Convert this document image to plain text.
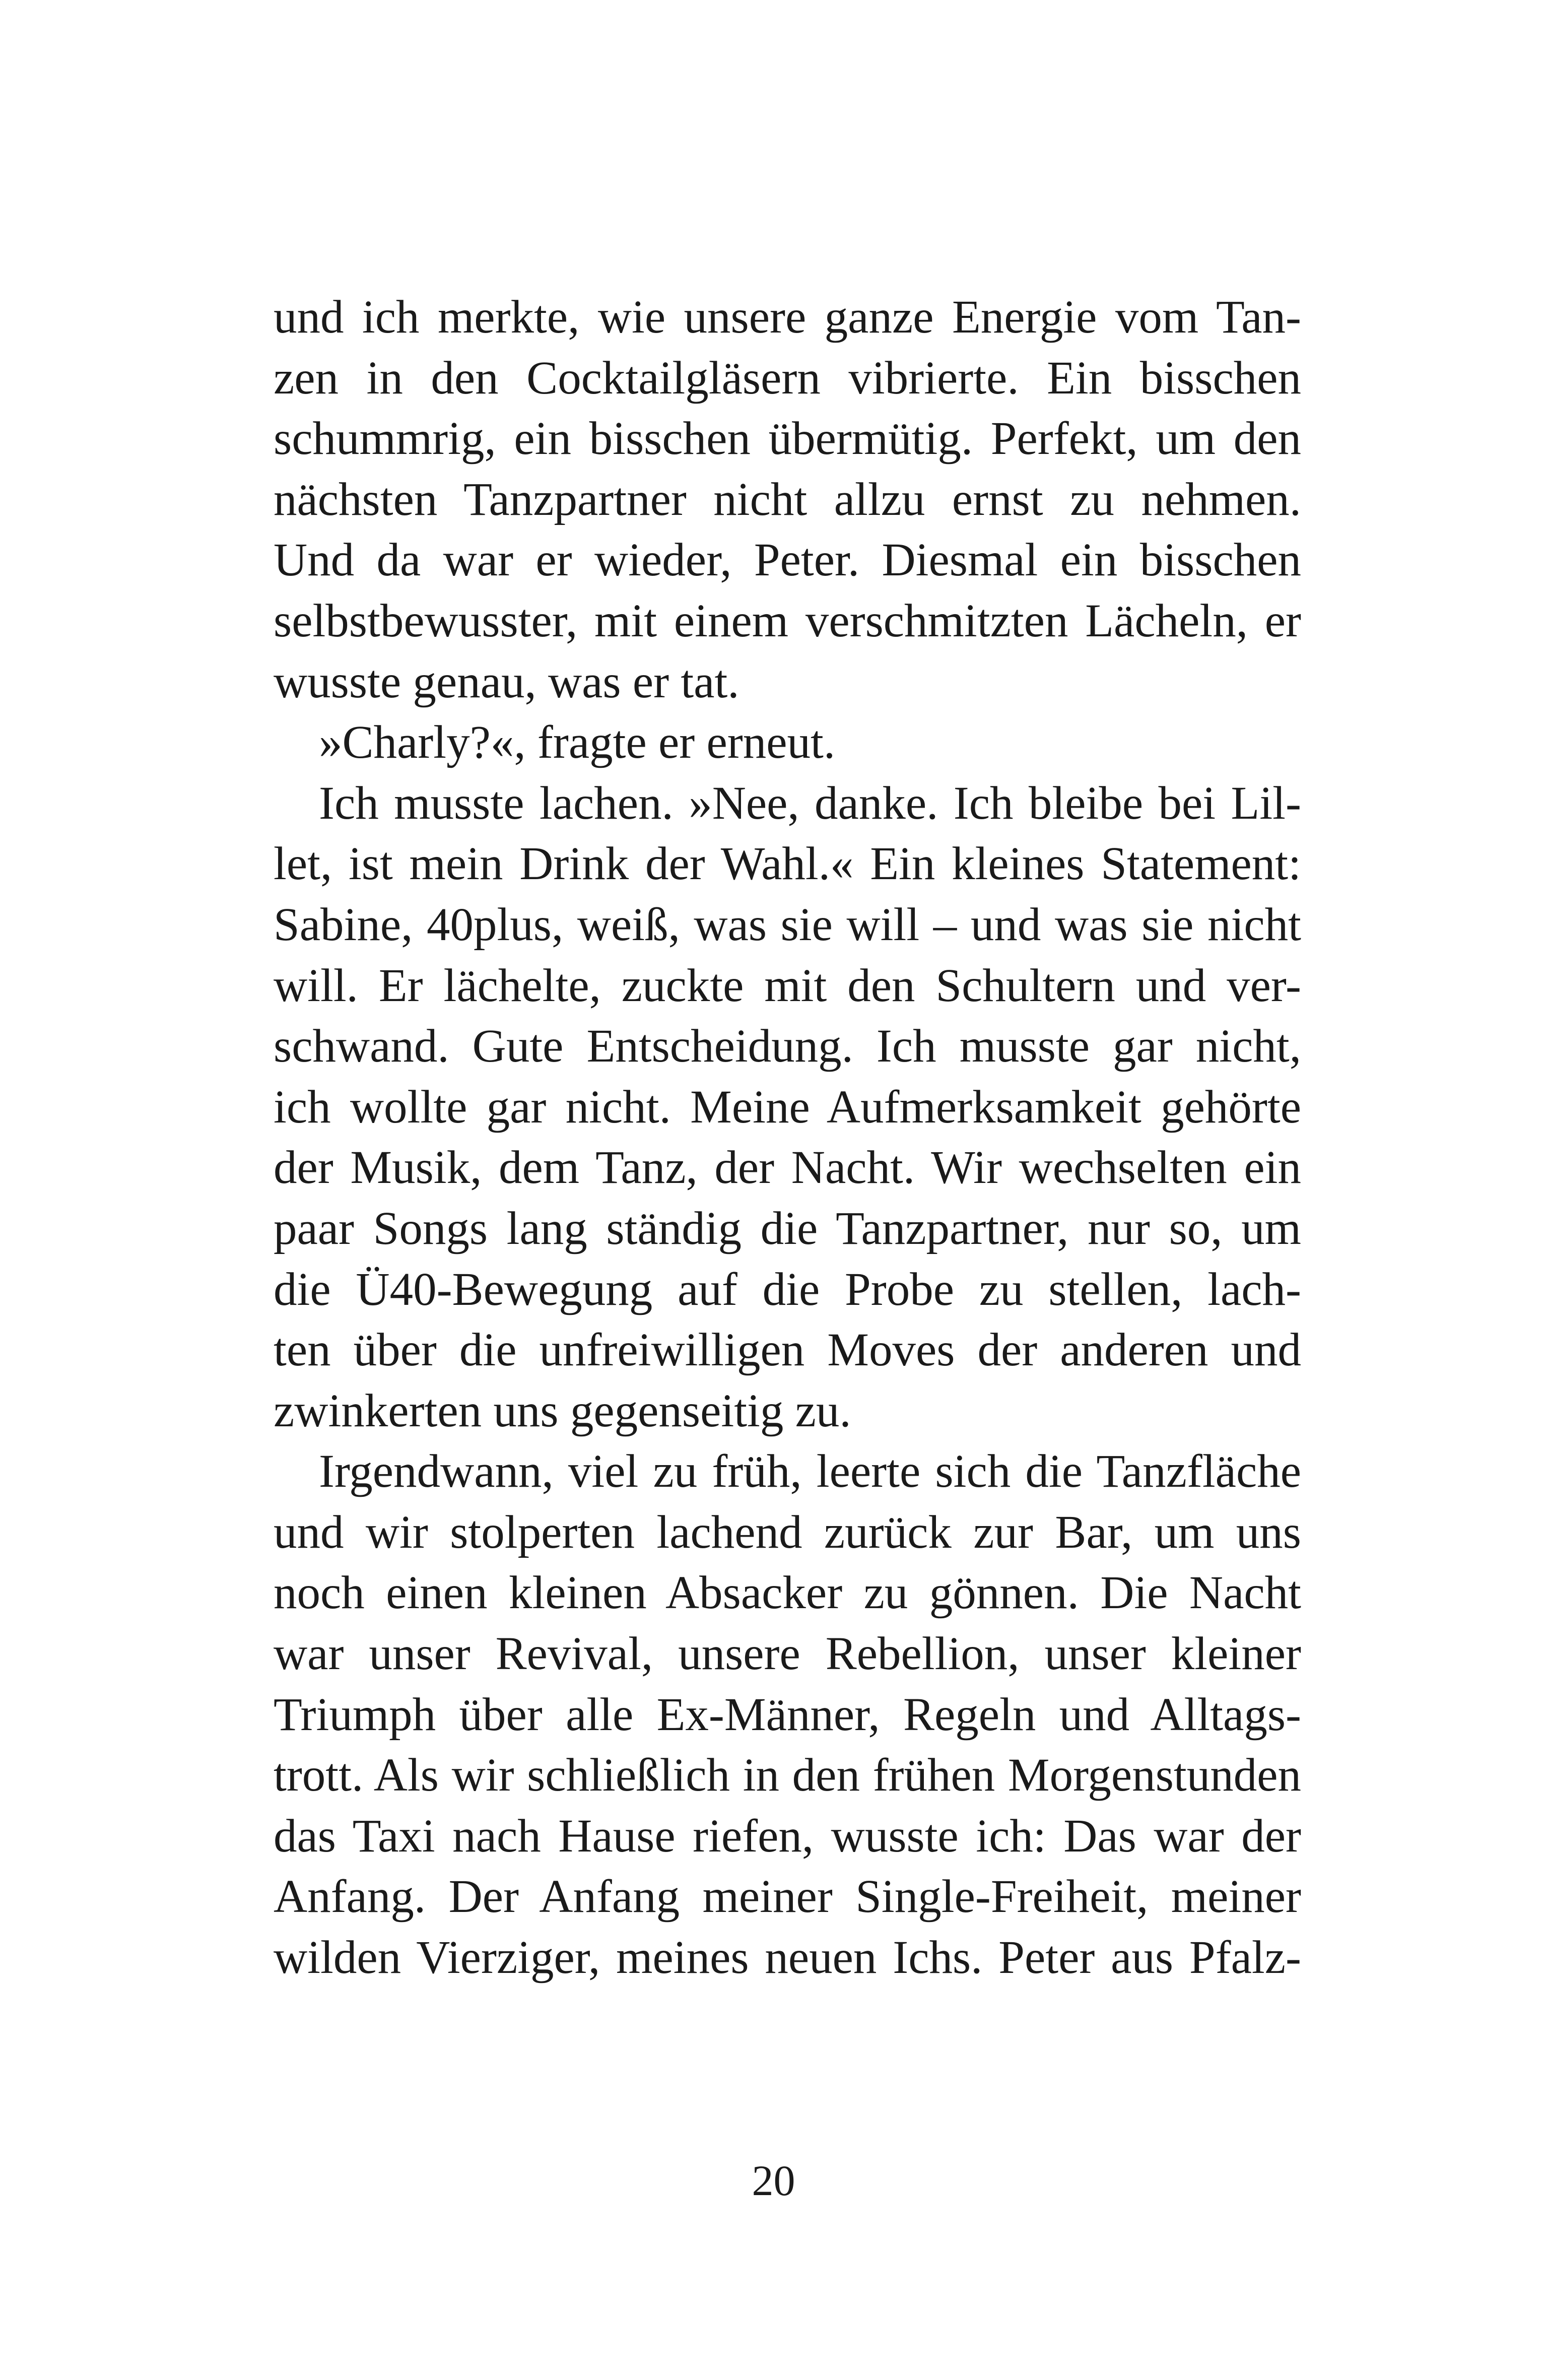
und ich merkte, wie unsere ganze Energie vom Tan-
zen in den Cocktailgläsern vibrierte. Ein bisschen
schummrig, ein bisschen übermütig. Perfekt, um den
nächsten Tanzpartner nicht allzu ernst zu nehmen.
Und da war er wieder, Peter. Diesmal ein bisschen
selbstbewusster, mit einem verschmitzten Lächeln, er
wusste genau, was er tat.
»Charly?«, fragte er erneut.
Ich musste lachen. »Nee, danke. Ich bleibe bei Lil-
let, ist mein Drink der Wahl.« Ein kleines Statement:
Sabine, 40plus, weiß, was sie will – und was sie nicht
will. Er lächelte, zuckte mit den Schultern und ver-
schwand. Gute Entscheidung. Ich musste gar nicht,
ich wollte gar nicht. Meine Aufmerksamkeit gehörte
der Musik, dem Tanz, der Nacht. Wir wechselten ein
paar Songs lang ständig die Tanzpartner, nur so, um
die Ü40-Bewegung auf die Probe zu stellen, lach-
ten über die unfreiwilligen Moves der anderen und
zwinkerten uns gegenseitig zu.
Irgendwann, viel zu früh, leerte sich die Tanzfläche
und wir stolperten lachend zurück zur Bar, um uns
noch einen kleinen Absacker zu gönnen. Die Nacht
war unser Revival, unsere Rebellion, unser kleiner
Triumph über alle Ex-Männer, Regeln und Alltags-
trott. Als wir schließlich in den frühen Morgenstunden
das Taxi nach Hause riefen, wusste ich: Das war der
Anfang. Der Anfang meiner Single-Freiheit, meiner
wilden Vierziger, meines neuen Ichs. Peter aus Pfalz-
20
